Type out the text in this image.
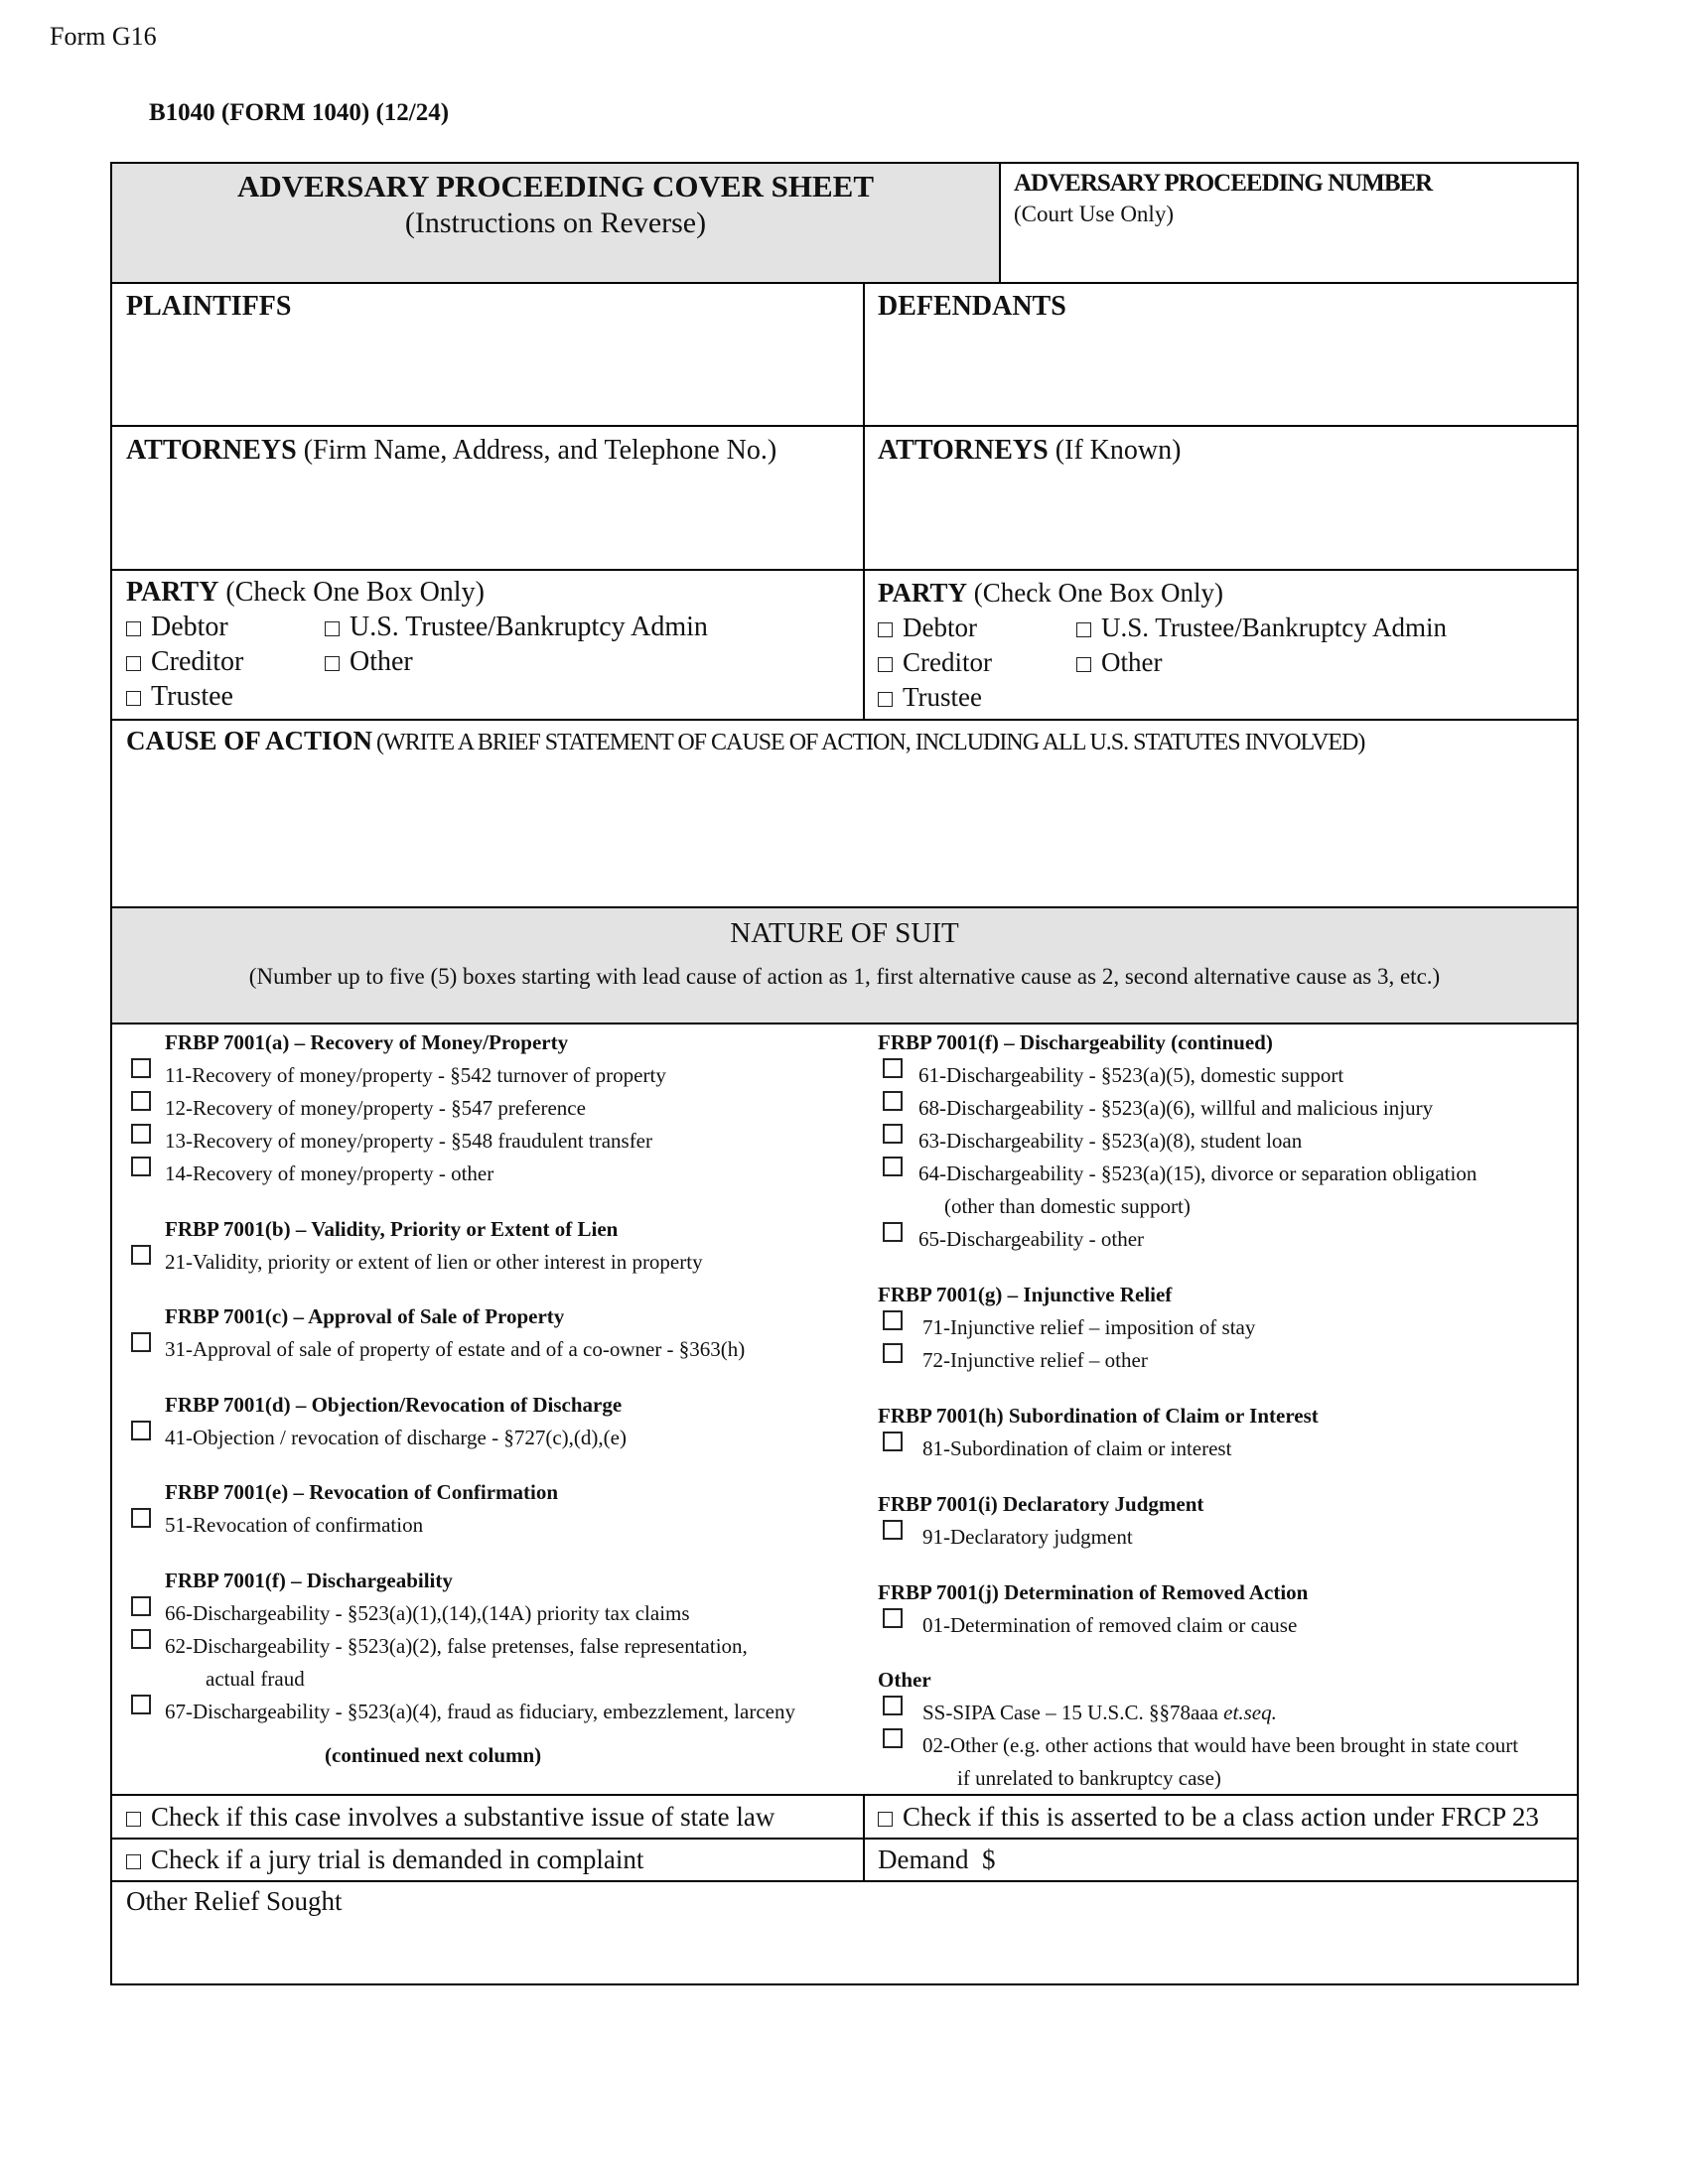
Form G16
B1040 (FORM 1040) (12/24)
ADVERSARY PROCEEDING COVER SHEET
(Instructions on Reverse)
ADVERSARY PROCEEDING NUMBER
(Court Use Only)
PLAINTIFFS	DEFENDANTS
ATTORNEYS (Firm Name, Address, and Telephone No.)	ATTORNEYS (If Known)
PARTY (Check One Box Only)
Debtor	U.S. Trustee/Bankruptcy Admin
Creditor	Other
Trustee
PARTY (Check One Box Only)
Debtor	U.S. Trustee/Bankruptcy Admin
Creditor	Other
Trustee
CAUSE OF ACTION (WRITE A BRIEF STATEMENT OF CAUSE OF ACTION, INCLUDING ALL U.S. STATUTES INVOLVED)
NATURE OF SUIT
(Number up to five (5) boxes starting with lead cause of action as 1, first alternative cause as 2, second alternative cause as 3, etc.)
FRBP 7001(a) – Recovery of Money/Property
11-Recovery of money/property - §542 turnover of property
12-Recovery of money/property - §547 preference
13-Recovery of money/property - §548 fraudulent transfer
14-Recovery of money/property - other
FRBP 7001(b) – Validity, Priority or Extent of Lien
21-Validity, priority or extent of lien or other interest in property
FRBP 7001(c) – Approval of Sale of Property
31-Approval of sale of property of estate and of a co-owner - §363(h)
FRBP 7001(d) – Objection/Revocation of Discharge
41-Objection / revocation of discharge - §727(c),(d),(e)
FRBP 7001(e) – Revocation of Confirmation
51-Revocation of confirmation
FRBP 7001(f) – Dischargeability
66-Dischargeability - §523(a)(1),(14),(14A) priority tax claims
62-Dischargeability - §523(a)(2), false pretenses, false representation,
actual fraud
67-Dischargeability - §523(a)(4), fraud as fiduciary, embezzlement, larceny
(continued next column)
FRBP 7001(f) – Dischargeability (continued)
61-Dischargeability - §523(a)(5), domestic support
68-Dischargeability - §523(a)(6), willful and malicious injury
63-Dischargeability - §523(a)(8), student loan
64-Dischargeability - §523(a)(15), divorce or separation obligation
(other than domestic support)
65-Dischargeability - other
FRBP 7001(g) – Injunctive Relief
71-Injunctive relief – imposition of stay
72-Injunctive relief – other
FRBP 7001(h) Subordination of Claim or Interest
81-Subordination of claim or interest
FRBP 7001(i) Declaratory Judgment
91-Declaratory judgment
FRBP 7001(j) Determination of Removed Action
01-Determination of removed claim or cause
Other
SS-SIPA Case – 15 U.S.C. §§78aaa et.seq.
02-Other (e.g. other actions that would have been brought in state court
if unrelated to bankruptcy case)
Check if this case involves a substantive issue of state law	Check if this is asserted to be a class action under FRCP 23
Check if a jury trial is demanded in complaint	Demand  $
Other Relief Sought
